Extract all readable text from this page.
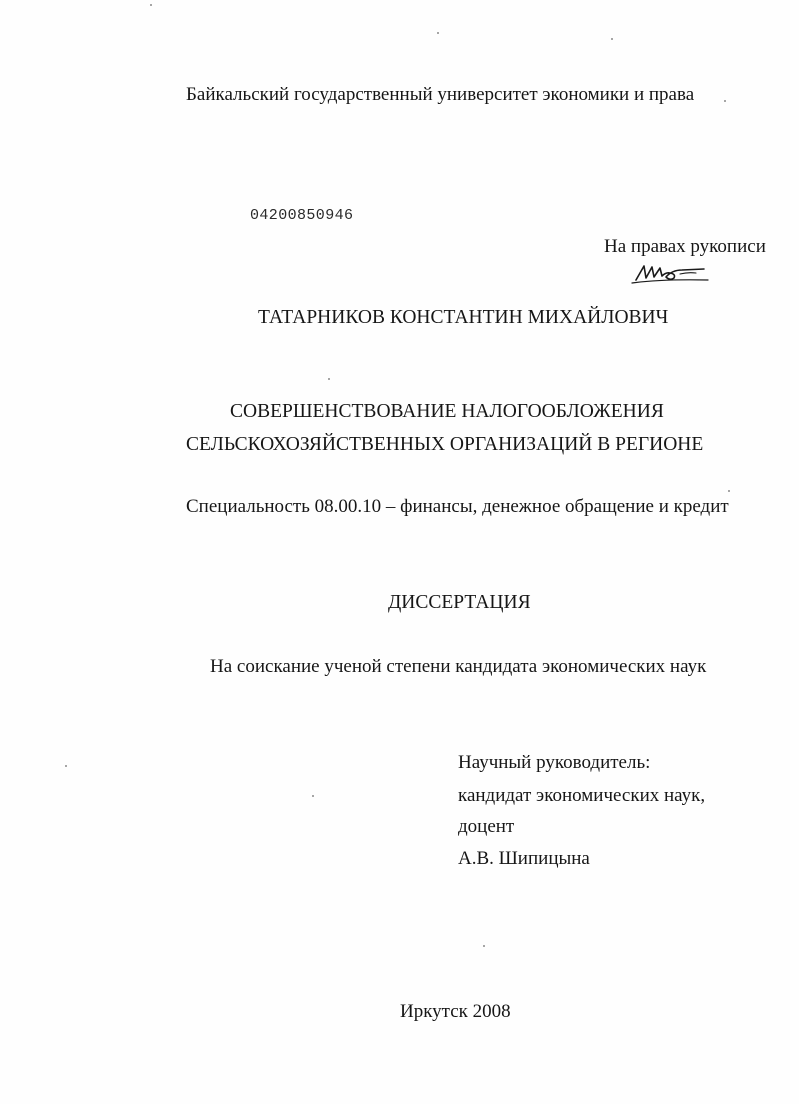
Байкальский государственный университет экономики и права
04200850946
На правах рукописи
ТАТАРНИКОВ КОНСТАНТИН МИХАЙЛОВИЧ
СОВЕРШЕНСТВОВАНИЕ НАЛОГООБЛОЖЕНИЯ
СЕЛЬСКОХОЗЯЙСТВЕННЫХ ОРГАНИЗАЦИЙ В РЕГИОНЕ
Специальность 08.00.10 – финансы, денежное обращение и кредит
ДИССЕРТАЦИЯ
На соискание ученой степени кандидата экономических наук
Научный руководитель:
кандидат экономических наук,
доцент
А.В. Шипицына
Иркутск 2008
